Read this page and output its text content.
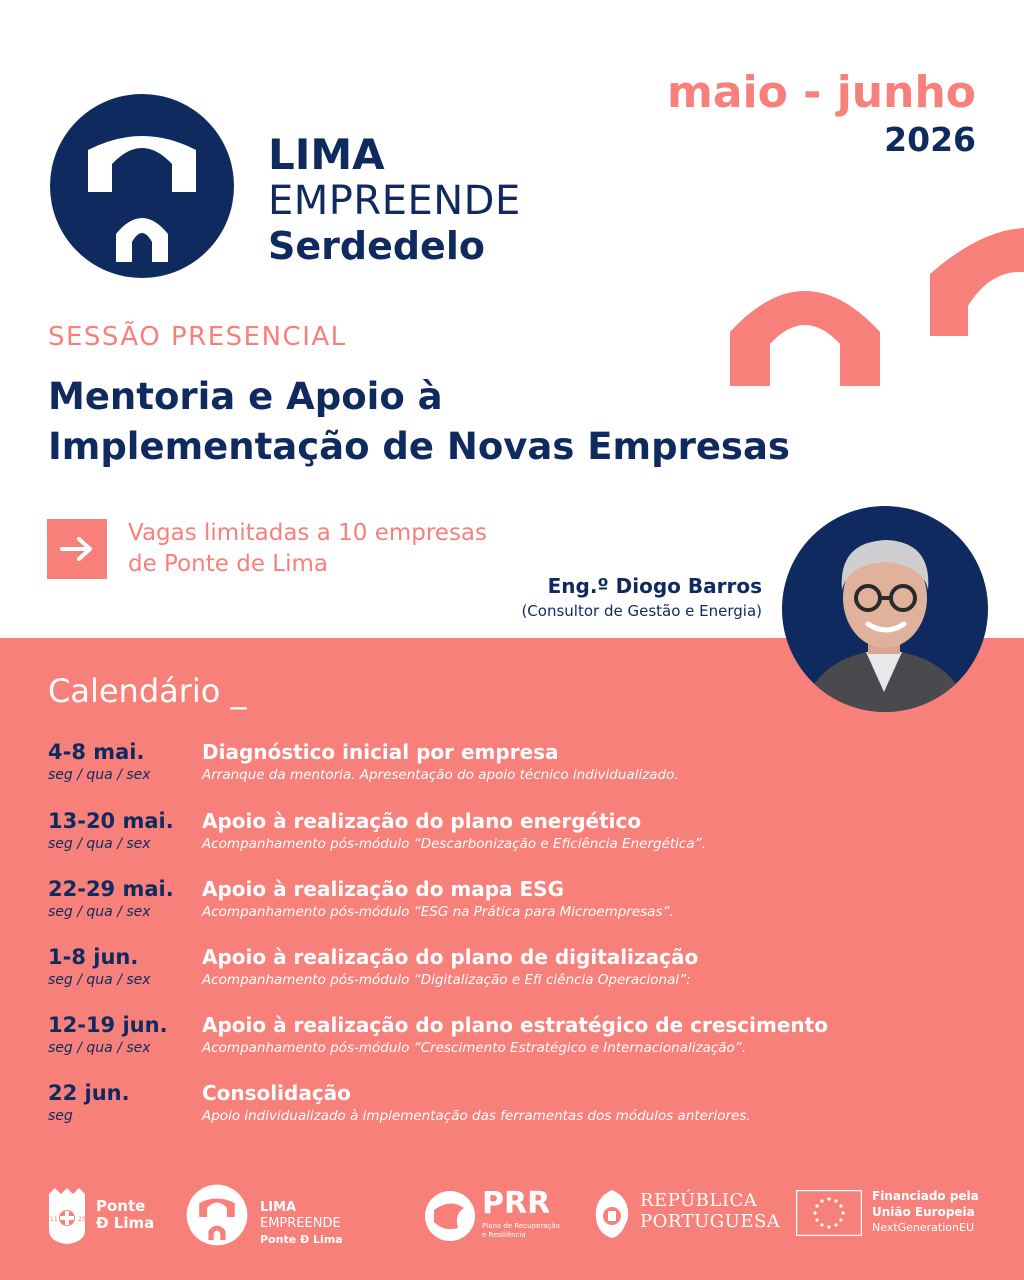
LIMA
EMPREENDE
Serdedelo
maio - junho
2026
SESSÃO PRESENCIAL
Mentoria e Apoio à
Implementação de Novas Empresas
Vagas limitadas a 10 empresas
de Ponte de Lima
Eng.º Diogo Barros
(Consultor de Gestão e Energia)
Calendário _
4-8 mai.
seg / qua / sex
Diagnóstico inicial por empresa
Arranque da mentoria. Apresentação do apoio técnico individualizado.
13-20 mai.
seg / qua / sex
Apoio à realização do plano energético
Acompanhamento pós-módulo “Descarbonização e Eficiência Energética”.
22-29 mai.
seg / qua / sex
Apoio à realização do mapa ESG
Acompanhamento pós-módulo “ESG na Prática para Microempresas”.
1-8 jun.
seg / qua / sex
Apoio à realização do plano de digitalização
Acompanhamento pós-módulo “Digitalização e Efi ciência Operacional”:
12-19 jun.
seg / qua / sex
Apoio à realização do plano estratégico de crescimento
Acompanhamento pós-módulo “Crescimento Estratégico e Internacionalização”.
22 jun.
seg
Consolidação
Apoio individualizado à implementação das ferramentas dos módulos anteriores.
11	25
Ponte
Ð Lima
LIMA
EMPREENDE
Ponte Ð Lima
PRR
Plano de Recuperação
e Resiliência
REPÚBLICA
PORTUGUESA
Financiado pela
União Europeia
NextGenerationEU
